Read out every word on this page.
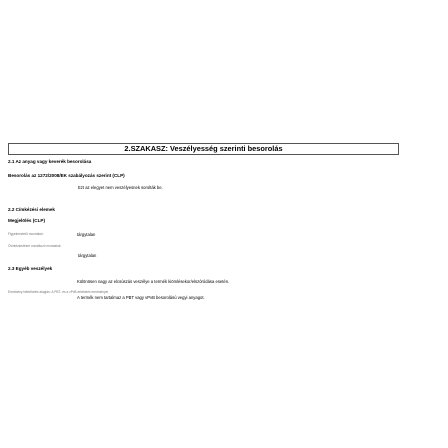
2.SZAKASZ: Veszélyesség szerinti besorolás
2.1 Az anyag vagy keverék besorolása
Besorolás az 1272/2008/EK szabályozás szerint (CLP)
Ezt az elegyet nem veszélyesnek sorolták be.
2.2 Címkézési elemek
Megjelölés (CLP)
Figyelmeztető mondatok:	tárgytalan
Óvintézkedésre vonatkozó mondatok:
tárgytalan
2.3 Egyéb veszélyek
Különösen nagy az elcsúszás veszélye a termék kiömlésekor/elszóródása esetén.
Eredmény kiértékelés alapján: A PBT- és a vPvB-értékelés eredményei
A termék nem tartalmaz a PBT vagy vPvB besorolású vegyi anyagot.
